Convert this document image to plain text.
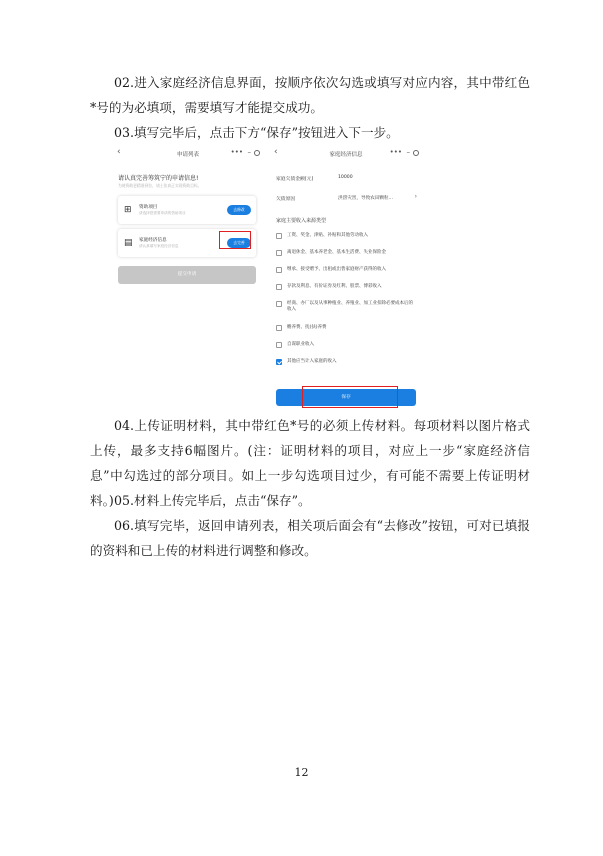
02.进入家庭经济信息界面，按顺序依次勾选或填写对应内容，其中带红色*号的为必填项，需要填写才能提交成功。

03.填写完毕后，点击下方“保存”按钮进入下一步。

‹	申请列表	••• –
请认真完善筹筑宁的申请信息!
为使资助更精准到位，请土张真正实现资助目标。
⊞ 资助项目
请选择您需要申请的资助项目
去修改
▤ 家庭经济信息
请认真填写家庭经济信息
去完善
提交申请
‹	家庭经济信息	••• –
家庭欠债金额(元)	10000
欠债原因	洪涝灾害，导致农田颗粒...	›
家庭主要收入来源类型
工资、奖金、津贴、补贴和其他劳动收入
离退休金、基本养老金、基本生活费、失业保险金
继承、接受赠予、出租或出售家庭财产获得的收入
存款及利息、有价证券及红利、股票、博彩收入
经商、办厂以及从事种植业、养殖业、加工业扣除必要成本后的收入
赡养费、抚(扶)养费
自谋职业收入
其他应当计入家庭的收入
保存

04.上传证明材料，其中带红色*号的必须上传材料。每项材料以图片格式上传，最多支持6幅图片。(注：证明材料的项目，对应上一步“家庭经济信息”中勾选过的部分项目。如上一步勾选项目过少，有可能不需要上传证明材料。) 05.材料上传完毕后，点击“保存”。

06.填写完毕，返回申请列表，相关项后面会有“去修改”按钮，可对已填报的资料和已上传的材料进行调整和修改。

12
